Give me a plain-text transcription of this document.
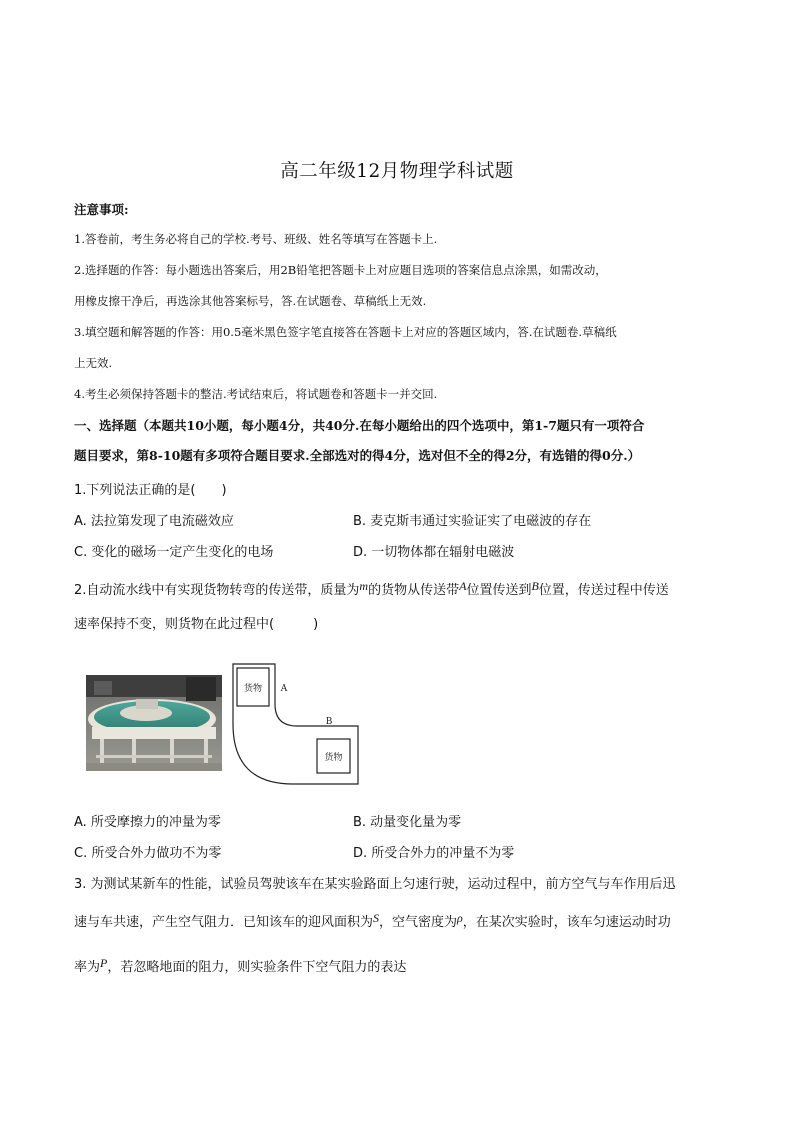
高二年级12月物理学科试题
注意事项:
1.答卷前，考生务必将自己的学校.考号、班级、姓名等填写在答题卡上.
2.选择题的作答：每小题选出答案后，用2B铅笔把答题卡上对应题目选项的答案信息点涂黑，如需改动，
用橡皮擦干净后，再选涂其他答案标号，答.在试题卷、草稿纸上无效.
3.填空题和解答题的作答：用0.5毫米黑色签字笔直接答在答题卡上对应的答题区域内，答.在试题卷.草稿纸
上无效.
4.考生必须保持答题卡的整洁.考试结束后，将试题卷和答题卡一并交回.
一、选择题（本题共10小题，每小题4分，共40分.在每小题给出的四个选项中，第1-7题只有一项符合
题目要求，第8-10题有多项符合题目要求.全部选对的得4分，选对但不全的得2分，有选错的得0分.）
1.下列说法正确的是(　　)
A. 法拉第发现了电流磁效应	B. 麦克斯韦通过实验证实了电磁波的存在
C. 变化的磁场一定产生变化的电场	D. 一切物体都在辐射电磁波
2.自动流水线中有实现货物转弯的传送带，质量为m的货物从传送带A位置传送到B位置，传送过程中传送
速率保持不变，则货物在此过程中(　　　)
货物
货物
A
B
A. 所受摩擦力的冲量为零	B. 动量变化量为零
C. 所受合外力做功不为零	D. 所受合外力的冲量不为零
3. 为测试某新车的性能，试验员驾驶该车在某实验路面上匀速行驶，运动过程中，前方空气与车作用后迅
速与车共速，产生空气阻力．已知该车的迎风面积为S，空气密度为ρ，在某次实验时，该车匀速运动时功
率为P，若忽略地面的阻力，则实验条件下空气阻力的表达
